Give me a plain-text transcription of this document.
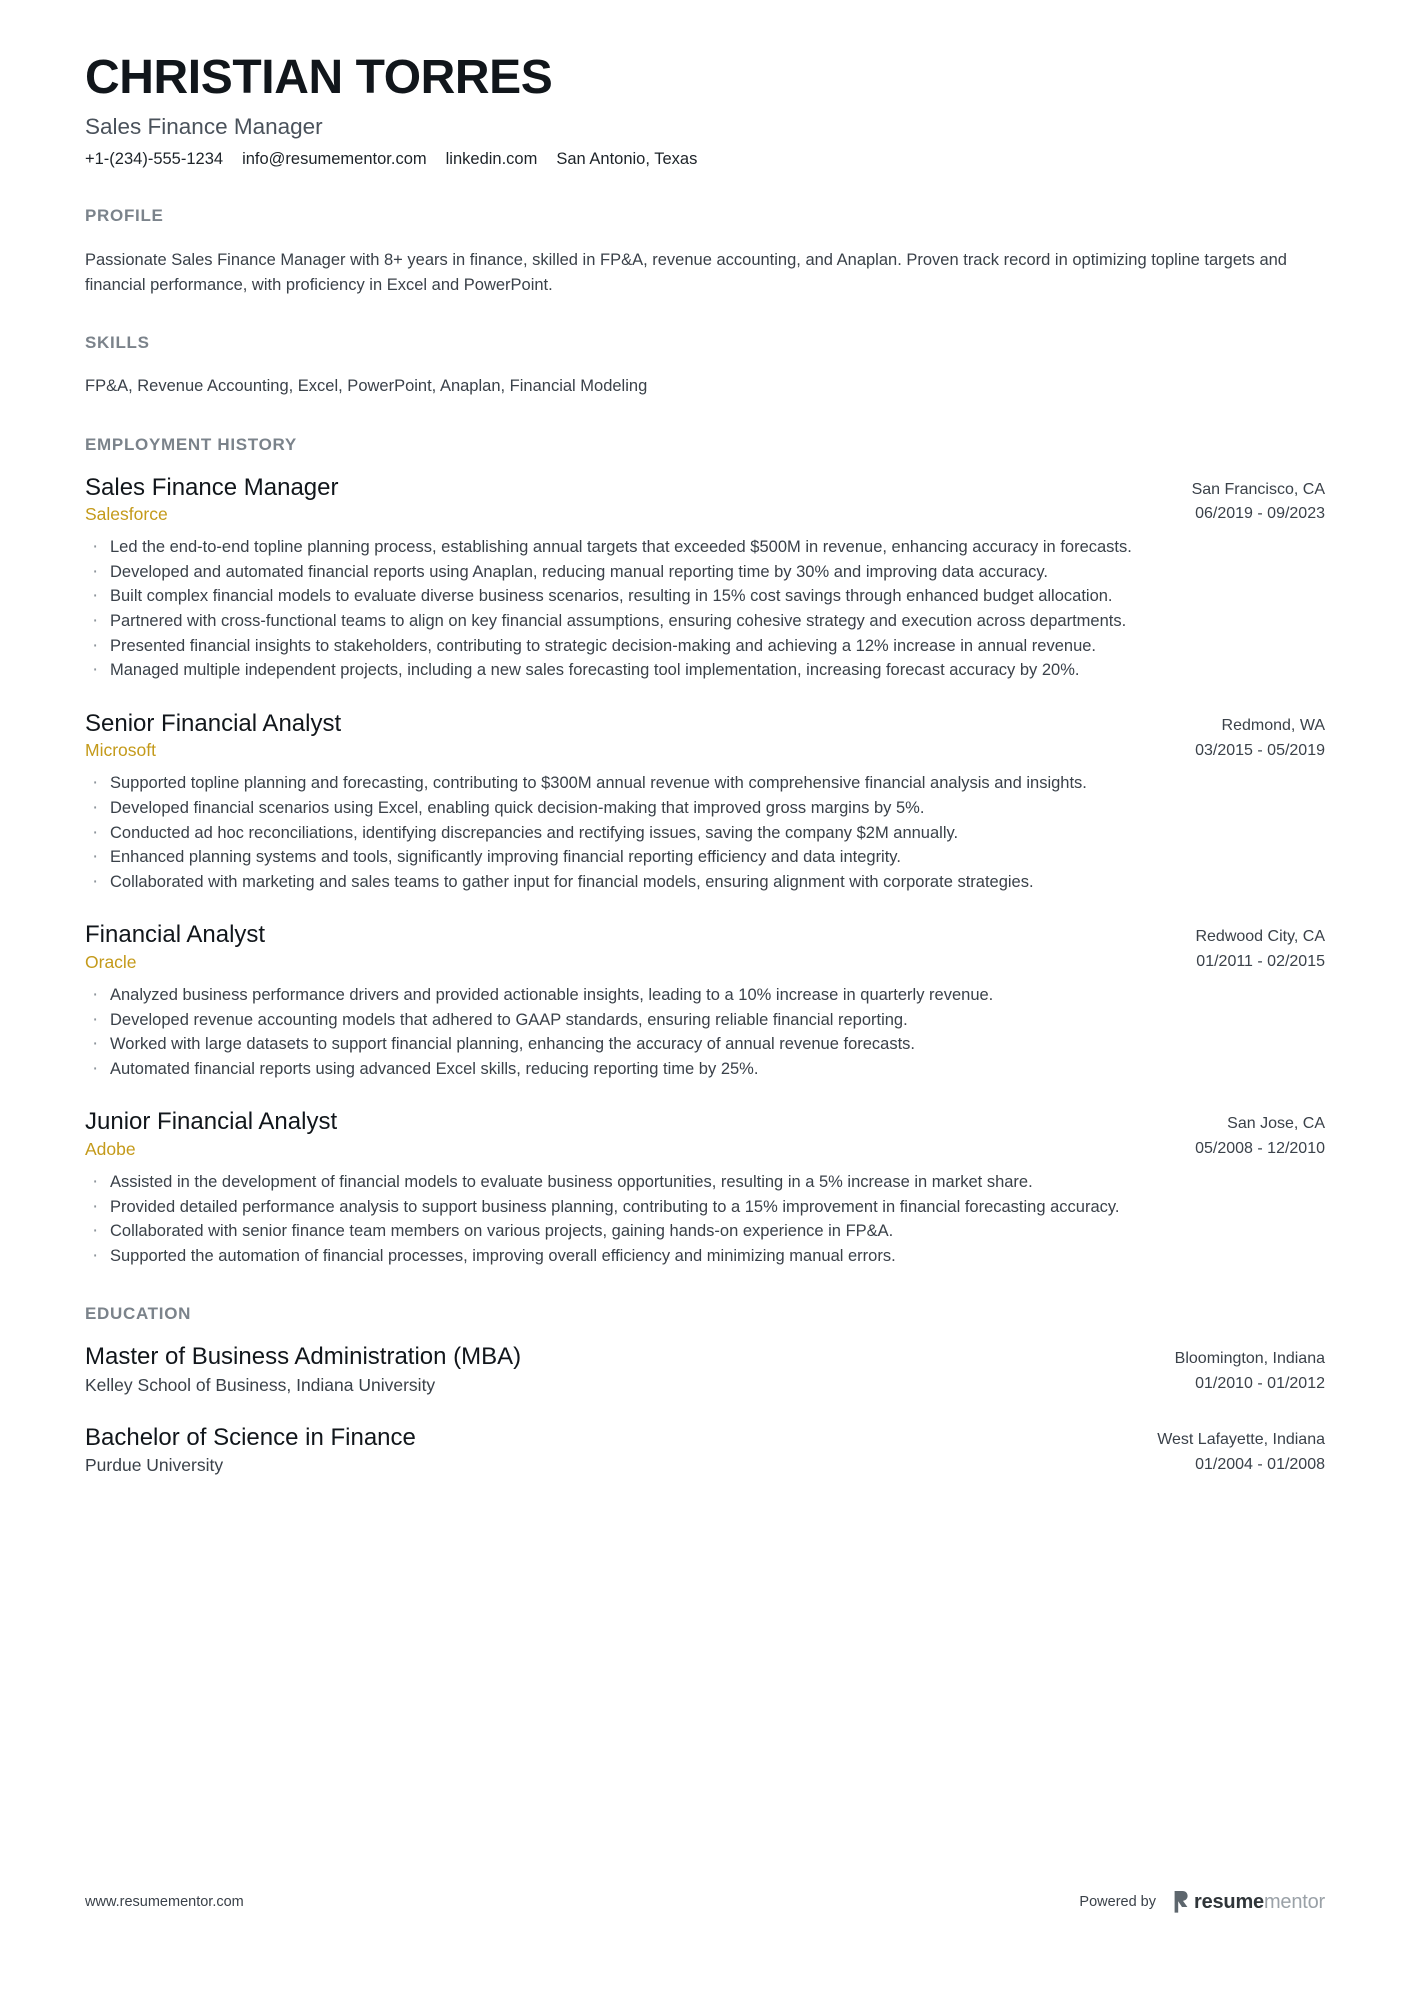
CHRISTIAN TORRES
Sales Finance Manager
+1-(234)-555-1234 info@resumementor.com linkedin.com San Antonio, Texas
PROFILE

Passionate Sales Finance Manager with 8+ years in finance, skilled in FP&A, revenue accounting, and Anaplan. Proven track record in optimizing topline targets and financial performance, with proficiency in Excel and PowerPoint.

SKILLS

FP&A, Revenue Accounting, Excel, PowerPoint, Anaplan, Financial Modeling

EMPLOYMENT HISTORY
Sales Finance Manager
Salesforce
San Francisco, CA
06/2019 - 09/2023
· Led the end-to-end topline planning process, establishing annual targets that exceeded $500M in revenue, enhancing accuracy in forecasts.
· Developed and automated financial reports using Anaplan, reducing manual reporting time by 30% and improving data accuracy.
· Built complex financial models to evaluate diverse business scenarios, resulting in 15% cost savings through enhanced budget allocation.
· Partnered with cross-functional teams to align on key financial assumptions, ensuring cohesive strategy and execution across departments.
· Presented financial insights to stakeholders, contributing to strategic decision-making and achieving a 12% increase in annual revenue.
· Managed multiple independent projects, including a new sales forecasting tool implementation, increasing forecast accuracy by 20%.
Senior Financial Analyst
Microsoft
Redmond, WA
03/2015 - 05/2019
· Supported topline planning and forecasting, contributing to $300M annual revenue with comprehensive financial analysis and insights.
· Developed financial scenarios using Excel, enabling quick decision-making that improved gross margins by 5%.
· Conducted ad hoc reconciliations, identifying discrepancies and rectifying issues, saving the company $2M annually.
· Enhanced planning systems and tools, significantly improving financial reporting efficiency and data integrity.
· Collaborated with marketing and sales teams to gather input for financial models, ensuring alignment with corporate strategies.
Financial Analyst
Oracle
Redwood City, CA
01/2011 - 02/2015
· Analyzed business performance drivers and provided actionable insights, leading to a 10% increase in quarterly revenue.
· Developed revenue accounting models that adhered to GAAP standards, ensuring reliable financial reporting.
· Worked with large datasets to support financial planning, enhancing the accuracy of annual revenue forecasts.
· Automated financial reports using advanced Excel skills, reducing reporting time by 25%.
Junior Financial Analyst
Adobe
San Jose, CA
05/2008 - 12/2010
· Assisted in the development of financial models to evaluate business opportunities, resulting in a 5% increase in market share.
· Provided detailed performance analysis to support business planning, contributing to a 15% improvement in financial forecasting accuracy.
· Collaborated with senior finance team members on various projects, gaining hands-on experience in FP&A.
· Supported the automation of financial processes, improving overall efficiency and minimizing manual errors.
EDUCATION
Master of Business Administration (MBA)
Kelley School of Business, Indiana University
Bloomington, Indiana
01/2010 - 01/2012
Bachelor of Science in Finance
Purdue University
West Lafayette, Indiana
01/2004 - 01/2008
www.resumementor.com	Powered by resumementor
